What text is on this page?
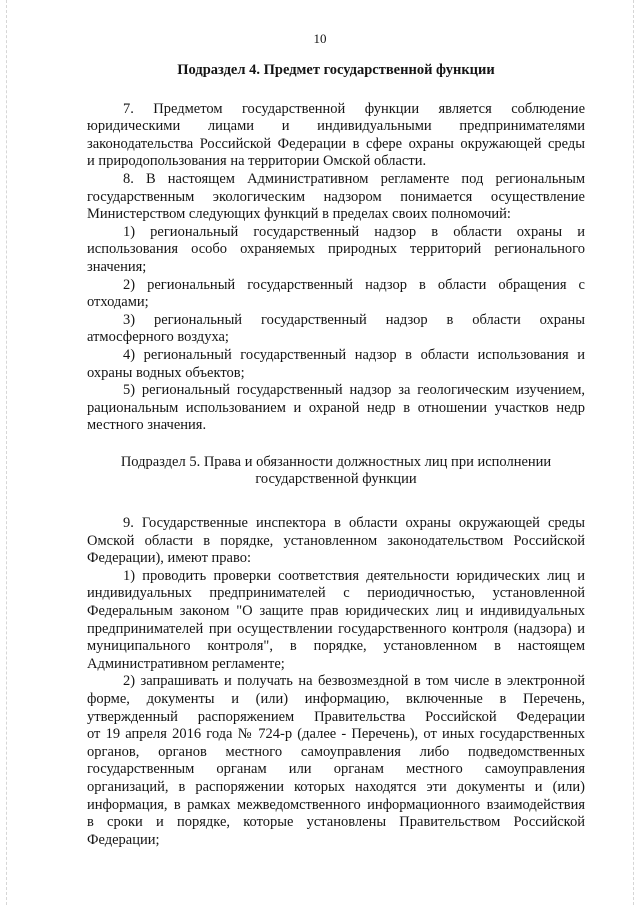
10

Подраздел 4. Предмет государственной функции

7. Предметом государственной функции является соблюдение

юридическими лицами и индивидуальными предпринимателями

законодательства Российской Федерации в сфере охраны окружающей среды

и природопользования на территории Омской области.

8. В настоящем Административном регламенте под региональным

государственным экологическим надзором понимается осуществление

Министерством следующих функций в пределах своих полномочий:

1) региональный государственный надзор в области охраны и

использования особо охраняемых природных территорий регионального

значения;

2) региональный государственный надзор в области обращения с

отходами;

3) региональный государственный надзор в области охраны

атмосферного воздуха;

4) региональный государственный надзор в области использования и

охраны водных объектов;

5) региональный государственный надзор за геологическим изучением,

рациональным использованием и охраной недр в отношении участков недр

местного значения.

Подраздел 5. Права и обязанности должностных лиц при исполнении

государственной функции

9. Государственные инспектора в области охраны окружающей среды

Омской области в порядке, установленном законодательством Российской

Федерации), имеют право:

1) проводить проверки соответствия деятельности юридических лиц и

индивидуальных предпринимателей с периодичностью, установленной

Федеральным законом "О защите прав юридических лиц и индивидуальных

предпринимателей при осуществлении государственного контроля (надзора) и

муниципального контроля", в порядке, установленном в настоящем

Административном регламенте;

2) запрашивать и получать на безвозмездной в том числе в электронной

форме, документы и (или) информацию, включенные в Перечень,

утвержденный распоряжением Правительства Российской Федерации

от 19 апреля 2016 года № 724-р (далее - Перечень), от иных государственных

органов, органов местного самоуправления либо подведомственных

государственным органам или органам местного самоуправления

организаций, в распоряжении которых находятся эти документы и (или)

информация, в рамках межведомственного информационного взаимодействия

в сроки и порядке, которые установлены Правительством Российской

Федерации;
